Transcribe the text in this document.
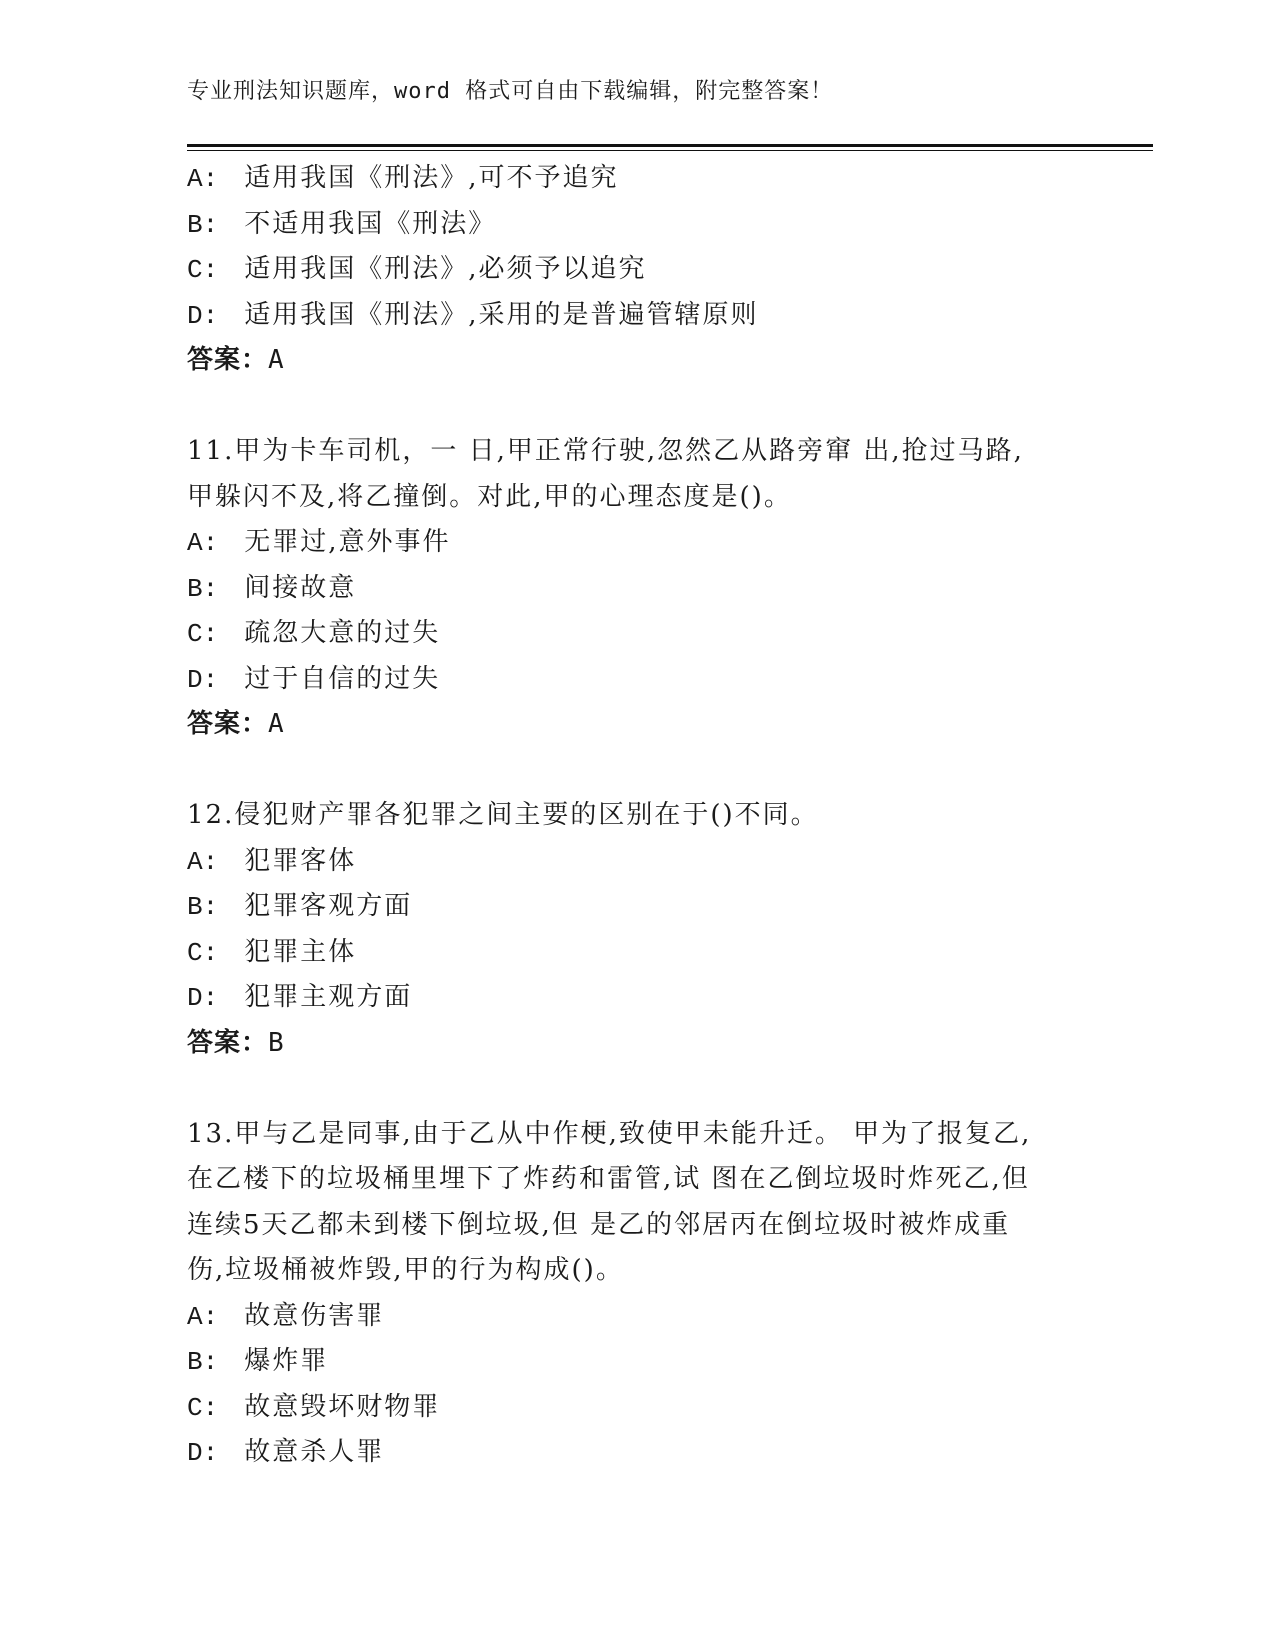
专业刑法知识题库，word 格式可自由下载编辑，附完整答案！
A: 适用我国《刑法》,可不予追究
B: 不适用我国《刑法》
C: 适用我国《刑法》,必须予以追究
D: 适用我国《刑法》,采用的是普遍管辖原则
答案：A
11.甲为卡车司机，一 日,甲正常行驶,忽然乙从路旁窜 出,抢过马路,
甲躲闪不及,将乙撞倒。对此,甲的心理态度是()。
A: 无罪过,意外事件
B: 间接故意
C: 疏忽大意的过失
D: 过于自信的过失
答案：A
12.侵犯财产罪各犯罪之间主要的区别在于()不同。
A: 犯罪客体
B: 犯罪客观方面
C: 犯罪主体
D: 犯罪主观方面
答案：B
13.甲与乙是同事,由于乙从中作梗,致使甲未能升迁。 甲为了报复乙,
在乙楼下的垃圾桶里埋下了炸药和雷管,试 图在乙倒垃圾时炸死乙,但
连续5天乙都未到楼下倒垃圾,但 是乙的邻居丙在倒垃圾时被炸成重
伤,垃圾桶被炸毁,甲的行为构成()。
A: 故意伤害罪
B: 爆炸罪
C: 故意毁坏财物罪
D: 故意杀人罪
